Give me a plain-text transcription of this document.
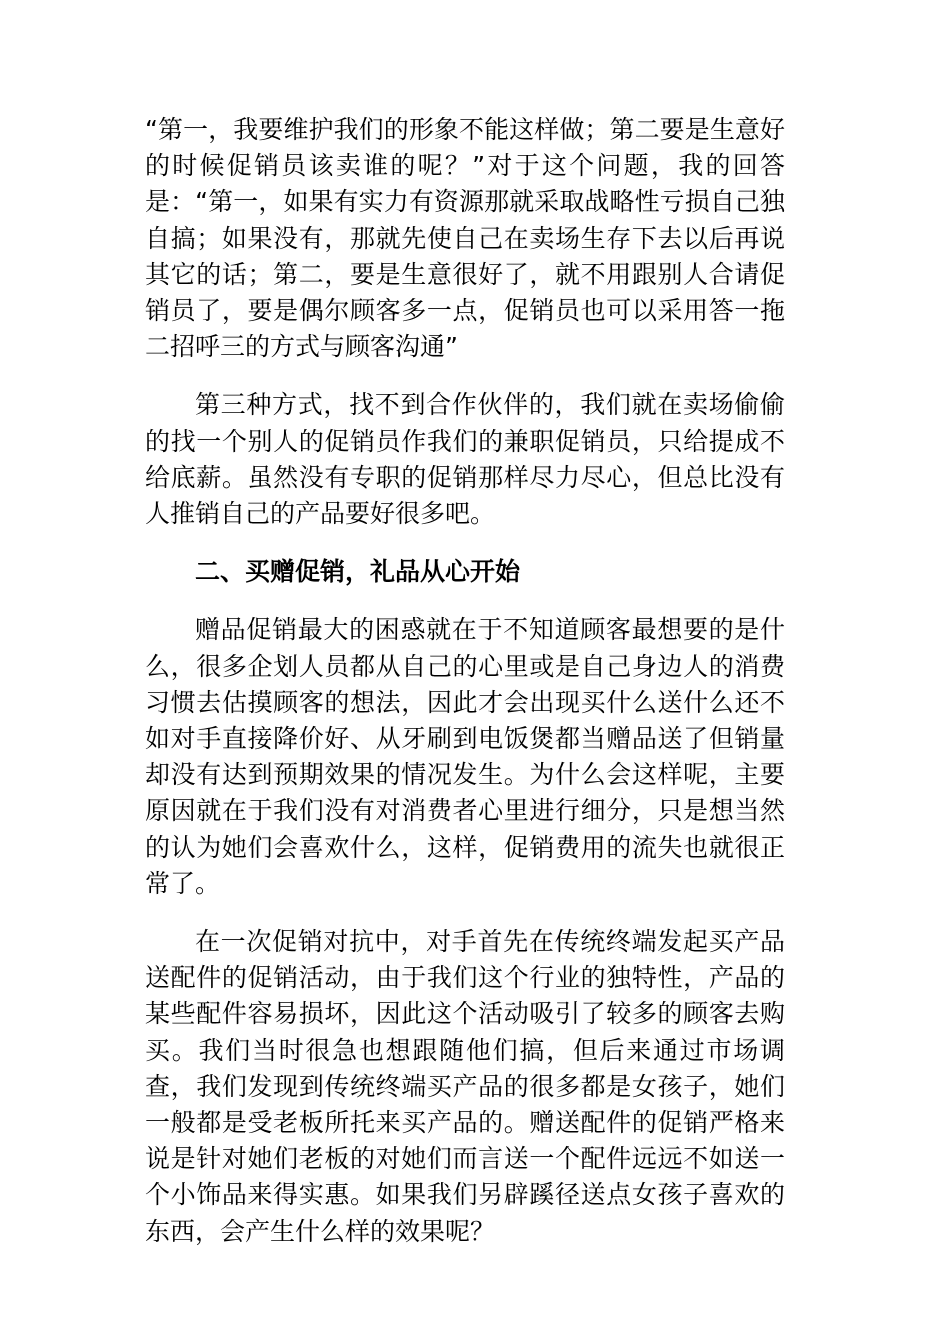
“第一，我要维护我们的形象不能这样做；第二要是生意好的时候促销员该卖谁的呢？”对于这个问题，我的回答是：“第一，如果有实力有资源那就采取战略性亏损自己独自搞；如果没有，那就先使自己在卖场生存下去以后再说其它的话；第二，要是生意很好了，就不用跟别人合请促销员了，要是偶尔顾客多一点，促销员也可以采用答一拖二招呼三的方式与顾客沟通”

第三种方式，找不到合作伙伴的，我们就在卖场偷偷的找一个别人的促销员作我们的兼职促销员，只给提成不给底薪。虽然没有专职的促销那样尽力尽心，但总比没有人推销自己的产品要好很多吧。

二、买赠促销，礼品从心开始

赠品促销最大的困惑就在于不知道顾客最想要的是什么，很多企划人员都从自己的心里或是自己身边人的消费习惯去估摸顾客的想法，因此才会出现买什么送什么还不如对手直接降价好、从牙刷到电饭煲都当赠品送了但销量却没有达到预期效果的情况发生。为什么会这样呢，主要原因就在于我们没有对消费者心里进行细分，只是想当然的认为她们会喜欢什么，这样，促销费用的流失也就很正常了。

在一次促销对抗中，对手首先在传统终端发起买产品送配件的促销活动，由于我们这个行业的独特性，产品的某些配件容易损坏，因此这个活动吸引了较多的顾客去购买。我们当时很急也想跟随他们搞，但后来通过市场调查，我们发现到传统终端买产品的很多都是女孩子，她们一般都是受老板所托来买产品的。赠送配件的促销严格来说是针对她们老板的对她们而言送一个配件远远不如送一个小饰品来得实惠。如果我们另辟蹊径送点女孩子喜欢的东西，会产生什么样的效果呢？
